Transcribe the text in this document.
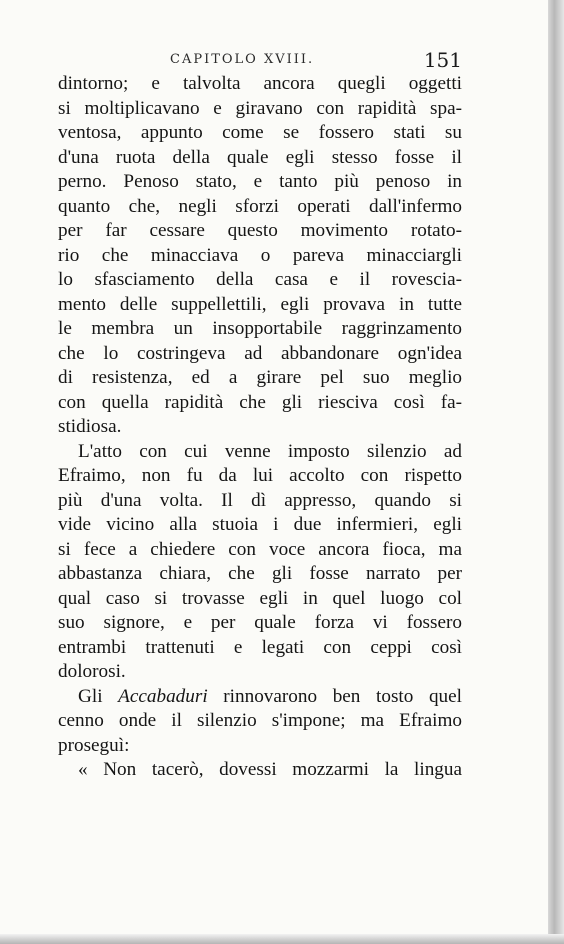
CAPITOLO XVIII.	151
dintorno; e talvolta ancora quegli oggetti
si moltiplicavano e giravano con rapidità spa-
ventosa, appunto come se fossero stati su
d'una ruota della quale egli stesso fosse il
perno. Penoso stato, e tanto più penoso in
quanto che, negli sforzi operati dall'infermo
per far cessare questo movimento rotato-
rio che minacciava o pareva minacciargli
lo sfasciamento della casa e il rovescia-
mento delle suppellettili, egli provava in tutte
le membra un insopportabile raggrinzamento
che lo costringeva ad abbandonare ogn'idea
di resistenza, ed a girare pel suo meglio
con quella rapidità che gli riesciva così fa-
stidiosa.
L'atto con cui venne imposto silenzio ad
Efraimo, non fu da lui accolto con rispetto
più d'una volta. Il dì appresso, quando si
vide vicino alla stuoia i due infermieri, egli
si fece a chiedere con voce ancora fioca, ma
abbastanza chiara, che gli fosse narrato per
qual caso si trovasse egli in quel luogo col
suo signore, e per quale forza vi fossero
entrambi trattenuti e legati con ceppi così
dolorosi.
Gli Accabaduri rinnovarono ben tosto quel
cenno onde il silenzio s'impone; ma Efraimo
proseguì:
« Non tacerò, dovessi mozzarmi la lingua
